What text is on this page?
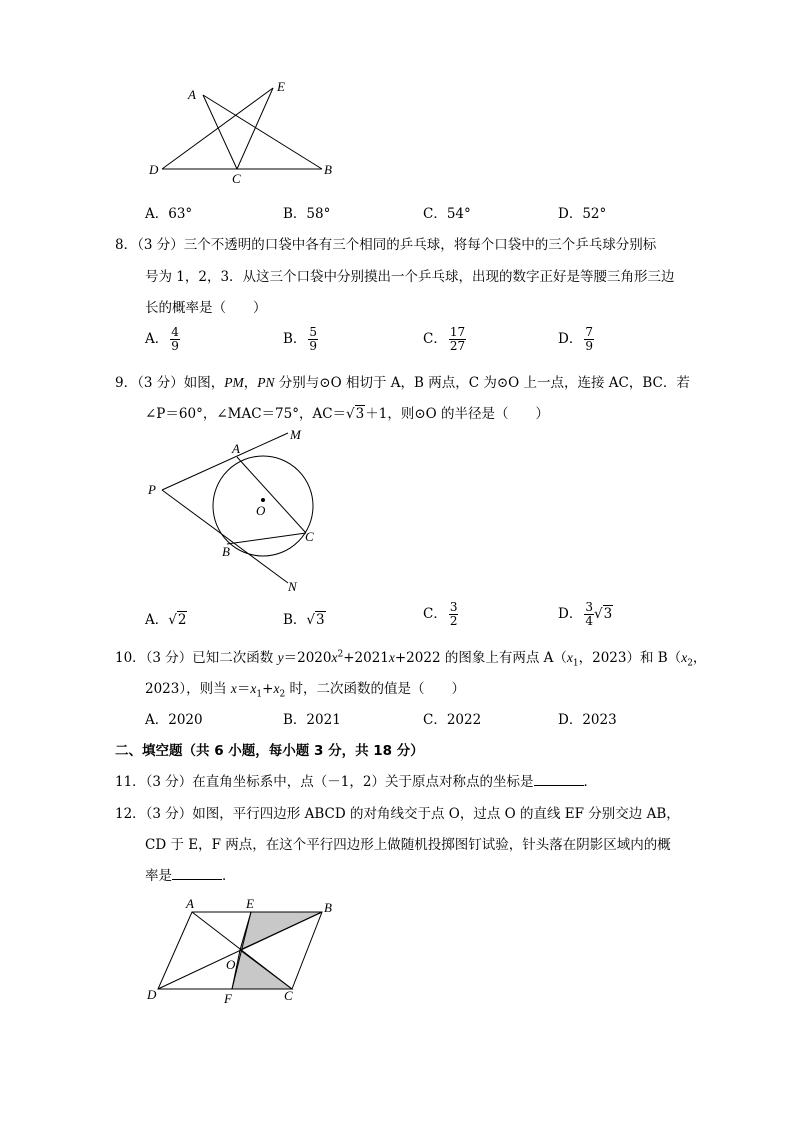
A
E
D
C
B
A．63°	B．58°	C．54°	D．52°
8．（3 分）三个不透明的口袋中各有三个相同的乒乓球，将每个口袋中的三个乒乓球分别标
号为 1，2，3．从这三个口袋中分别摸出一个乒乓球，出现的数字正好是等腰三角形三边
长的概率是（　　）
A． $\frac{4}{9}$	B． $\frac{5}{9}$	C． $\frac{17}{27}$	D． $\frac{7}{9}$
9．（3 分）如图，PM，PN 分别与⊙O 相切于 A，B 两点，C 为⊙O 上一点，连接 AC，BC．若
∠P＝60°，∠MAC＝75°，AC＝√3＋1，则⊙O 的半径是（　　）
A
M
P
O
C
B
N
A．√2	B．√3	C． $\frac{3}{2}$	D． $\frac{3}{4} √3$
10．（3 分）已知二次函数 $y=2020x^2+2021x+2022$ 的图象上有两点 $A(x_1$，2023）和 $B(x_2$，
2023），则当 $x=x_1+x_2$ 时，二次函数的值是（　　）
A．2020	B．2021	C．2022	D．2023
二、填空题（共 6 小题，每小题 3 分，共 18 分）
11．（3 分）在直角坐标系中，点（－1，2）关于原点对称点的坐标是	．
12．（3 分）如图，平行四边形 ABCD 的对角线交于点 O，过点 O 的直线 EF 分别交边 AB，
CD 于 E，F 两点，在这个平行四边形上做随机投掷图钉试验，针头落在阴影区域内的概
率是	．
A	E	B
O
D	F	C
